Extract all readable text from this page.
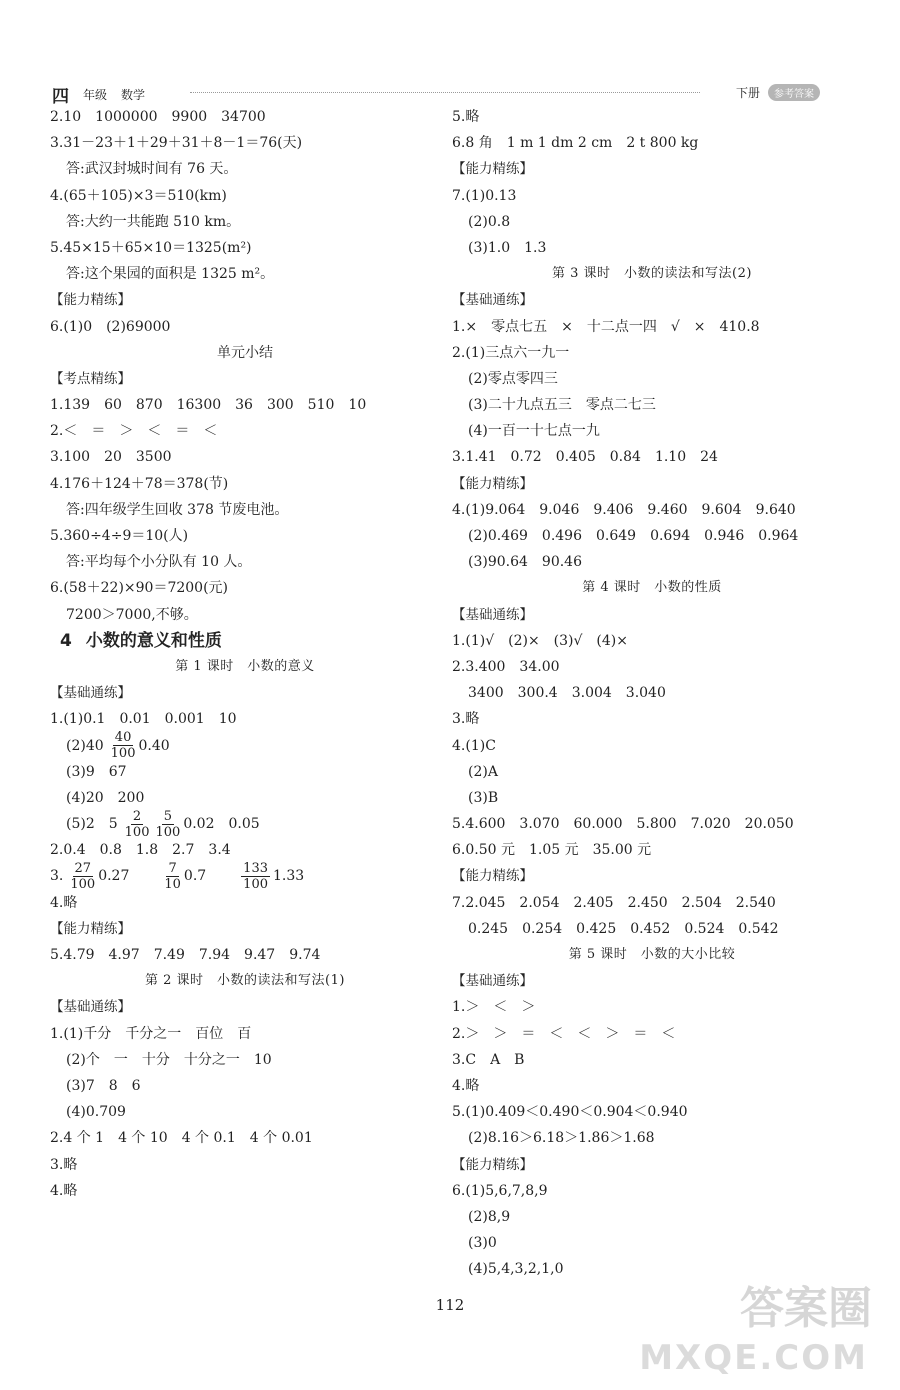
四 年级 数学	下册	参考答案
2.10　1000000　9900　34700
3.31－23＋1＋29＋31＋8－1＝76(天)
答:武汉封城时间有 76 天。
4.(65＋105)×3＝510(km)
答:大约一共能跑 510 km。
5.45×15＋65×10＝1325(m²)
答:这个果园的面积是 1325 m²。
【能力精练】
6.(1)0　(2)69000
单元小结
【考点精练】
1.139　60　870　16300　36　300　510　10
2.＜　＝　＞　＜　＝　＜
3.100　20　3500
4.176＋124＋78＝378(节)
答:四年级学生回收 378 节废电池。
5.360÷4÷9＝10(人)
答:平均每个小分队有 10 人。
6.(58＋22)×90＝7200(元)
7200＞7000,不够。
4 小数的意义和性质
第 1 课时　小数的意义
【基础通练】
1.(1)0.1　0.01　0.001　10
$(2)40 \frac{40}{100} 0.40$
(3)9　67
(4)20　200
(5)2　$5 \frac{2}{100} \frac{5}{100} 0.02$　0.05
2.0.4　0.8　1.8　2.7　3.4
3. $\frac{27}{100} 0.27$　　 $\frac{7}{10} 0.7$　　 $\frac{133}{100} 1.33$
4.略
【能力精练】
5.4.79　4.97　7.49　7.94　9.47　9.74
第 2 课时　小数的读法和写法(1)
【基础通练】
1.(1)千分　千分之一　百位　百
(2)个　一　十分　十分之一　10
(3)7　8　6
(4)0.709
2.4 个 1　4 个 10　4 个 0.1　4 个 0.01
3.略
4.略
5.略
6.8 角　1 m 1 dm 2 cm　2 t 800 kg
【能力精练】
7.(1)0.13
(2)0.8
(3)1.0　1.3
第 3 课时　小数的读法和写法(2)
【基础通练】
1.×　零点七五　×　十二点一四　√　×　410.8
2.(1)三点六一九一
(2)零点零四三
(3)二十九点五三　零点二七三
(4)一百一十七点一九
3.1.41　0.72　0.405　0.84　1.10　24
【能力精练】
4.(1)9.064　9.046　9.406　9.460　9.604　9.640
(2)0.469　0.496　0.649　0.694　0.946　0.964
(3)90.64　90.46
第 4 课时　小数的性质
【基础通练】
1.(1)√　(2)×　(3)√　(4)×
2.3.400　34.00
3400　300.4　3.004　3.040
3.略
4.(1)C
(2)A
(3)B
5.4.600　3.070　60.000　5.800　7.020　20.050
6.0.50 元　1.05 元　35.00 元
【能力精练】
7.2.045　2.054　2.405　2.450　2.504　2.540
0.245　0.254　0.425　0.452　0.524　0.542
第 5 课时　小数的大小比较
【基础通练】
1.＞　＜　＞
2.＞　＞　＝　＜　＜　＞　＝　＜
3.C　A　B
4.略
5.(1)0.409＜0.490＜0.904＜0.940
(2)8.16＞6.18＞1.86＞1.68
【能力精练】
6.(1)5,6,7,8,9
(2)8,9
(3)0
(4)5,4,3,2,1,0
112	答案圈
MXQE.COM
